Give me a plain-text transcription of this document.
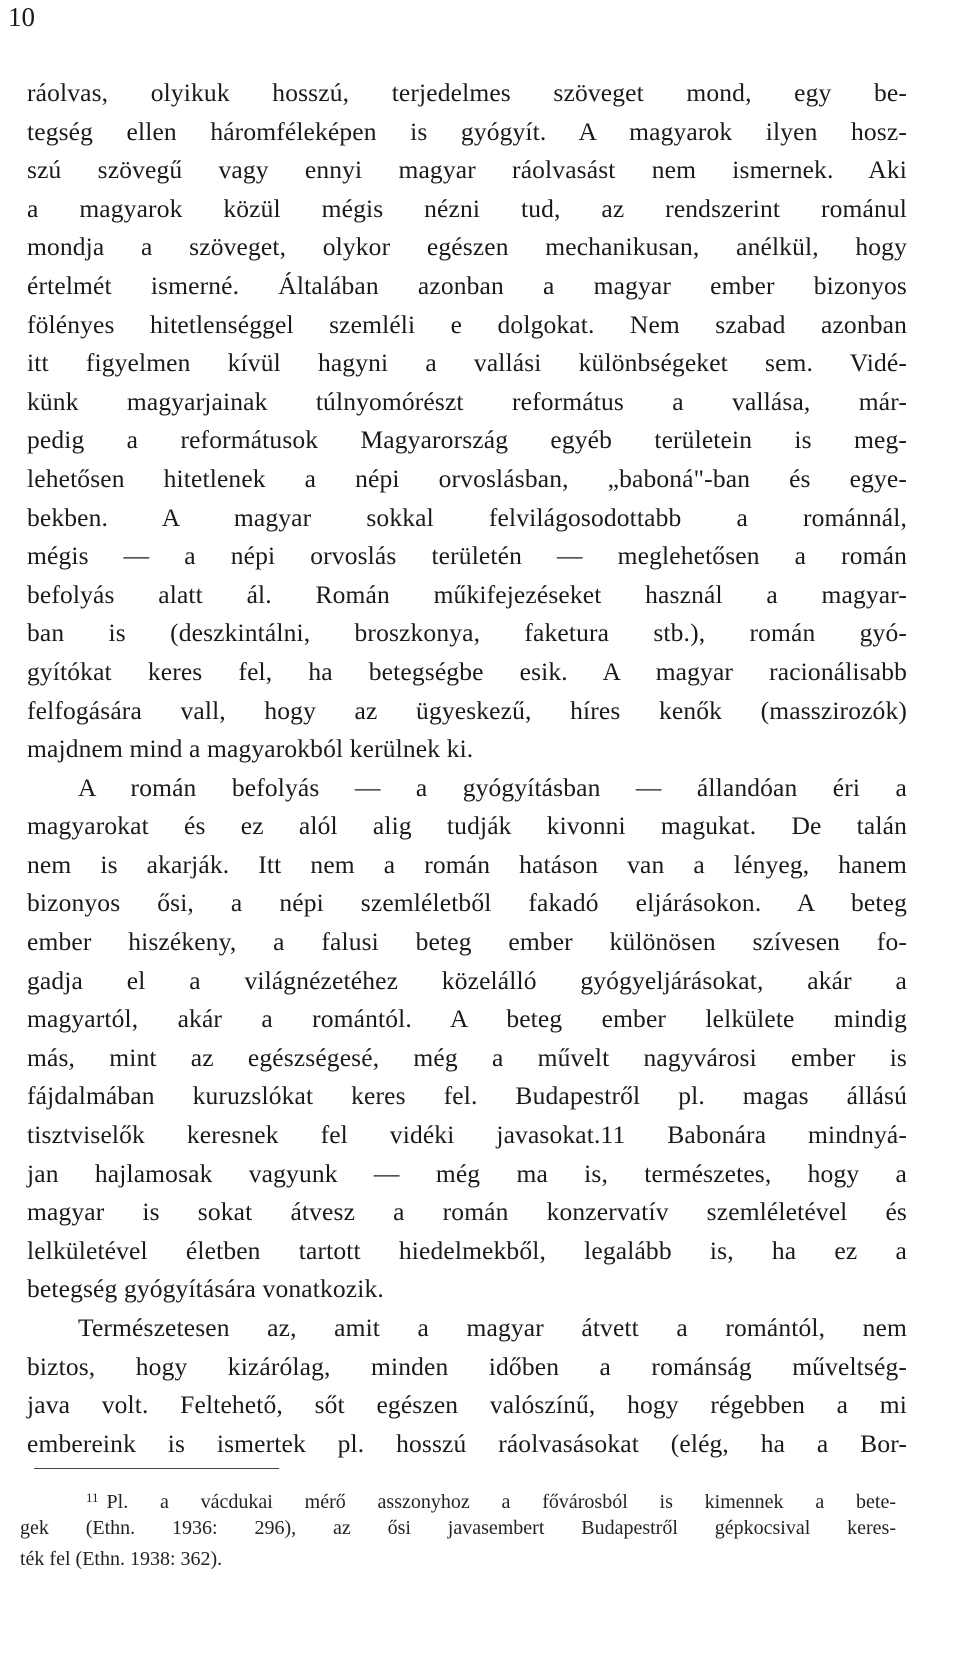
10
ráolvas, olyikuk hosszú, terjedelmes szöveget mond, egy be-
tegség ellen háromféleképen is gyógyít. A magyarok ilyen hosz-
szú szövegű vagy ennyi magyar ráolvasást nem ismernek. Aki
a magyarok közül mégis nézni tud, az rendszerint románul
mondja a szöveget, olykor egészen mechanikusan, anélkül, hogy
értelmét ismerné. Általában azonban a magyar ember bizonyos
fölényes hitetlenséggel szemléli e dolgokat. Nem szabad azonban
itt figyelmen kívül hagyni a vallási különbségeket sem. Vidé-
künk magyarjainak túlnyomórészt református a vallása, már-
pedig a reformátusok Magyarország egyéb területein is meg-
lehetősen hitetlenek a népi orvoslásban, „baboná"-ban és egye-
bekben. A magyar sokkal felvilágosodottabb a románnál,
mégis — a népi orvoslás területén — meglehetősen a román
befolyás alatt ál. Román műkifejezéseket használ a magyar-
ban is (deszkintálni, broszkonya, faketura stb.), román gyó-
gyítókat keres fel, ha betegségbe esik. A magyar racionálisabb
felfogására vall, hogy az ügyeskezű, híres kenők (masszirozók)
majdnem mind a magyarokból kerülnek ki.
A román befolyás — a gyógyításban — állandóan éri a
magyarokat és ez alól alig tudják kivonni magukat. De talán
nem is akarják. Itt nem a román hatáson van a lényeg, hanem
bizonyos ősi, a népi szemléletből fakadó eljárásokon. A beteg
ember hiszékeny, a falusi beteg ember különösen szívesen fo-
gadja el a világnézetéhez közelálló gyógyeljárásokat, akár a
magyartól, akár a romántól. A beteg ember lelkülete mindig
más, mint az egészségesé, még a művelt nagyvárosi ember is
fájdalmában kuruzslókat keres fel. Budapestről pl. magas állású
tisztviselők keresnek fel vidéki javasokat.11 Babonára mindnyá-
jan hajlamosak vagyunk — még ma is, természetes, hogy a
magyar is sokat átvesz a román konzervatív szemléletével és
lelkületével életben tartott hiedelmekből, legalább is, ha ez a
betegség gyógyítására vonatkozik.
Természetesen az, amit a magyar átvett a romántól, nem
biztos, hogy kizárólag, minden időben a románság műveltség-
java volt. Feltehető, sőt egészen valószínű, hogy régebben a mi
embereink is ismertek pl. hosszú ráolvasásokat (elég, ha a Bor-
$^{11}$ Pl. a vácdukai mérő asszonyhoz a fővárosból is kimennek a bete-
gek (Ethn. 1936: 296), az ősi javasembert Budapestről gépkocsival keres-
ték fel (Ethn. 1938: 362).
